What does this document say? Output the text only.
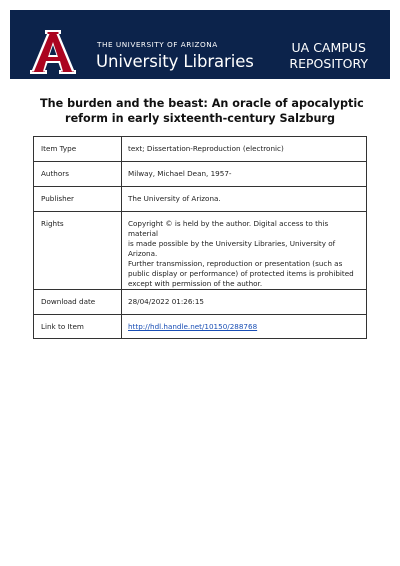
THE UNIVERSITY OF ARIZONA
University Libraries
UA CAMPUS
REPOSITORY
The burden and the beast: An oracle of apocalyptic
reform in early sixteenth-century Salzburg
Item Type	text; Dissertation-Reproduction (electronic)
Authors	Milway, Michael Dean, 1957-
Publisher	The University of Arizona.
Rights	Copyright © is held by the author. Digital access to this material
is made possible by the University Libraries, University of Arizona.
Further transmission, reproduction or presentation (such as
public display or performance) of protected items is prohibited
except with permission of the author.

Download date	28/04/2022 01:26:15
Link to Item	http://hdl.handle.net/10150/288768
